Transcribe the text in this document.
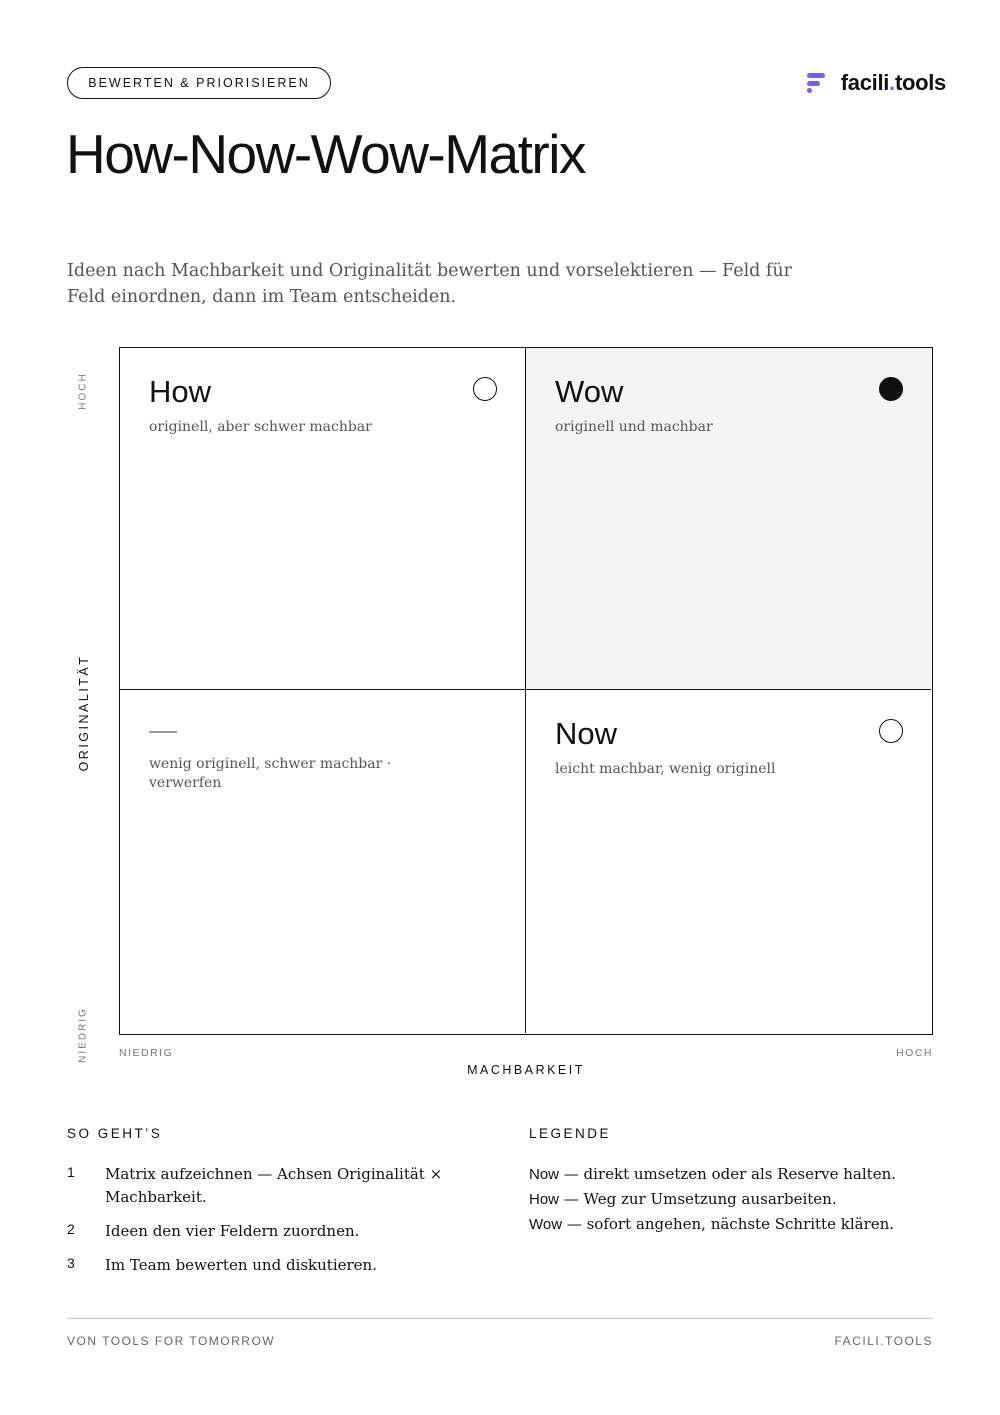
BEWERTEN & PRIORISIEREN	facili.tools
How-Now-Wow-Matrix

Ideen nach Machbarkeit und Originalität bewerten und vorselektieren — Feld für Feld einordnen, dann im Team entscheiden.

ORIGINALITÄT
HOCH
NIEDRIG
How
originell, aber schwer machbar
Wow
originell und machbar
wenig originell, schwer machbar · verwerfen
Now
leicht machbar, wenig originell
NIEDRIG	HOCH
MACHBARKEIT
SO GEHT’S
1	Matrix aufzeichnen — Achsen Originalität × Machbarkeit.
2	Ideen den vier Feldern zuordnen.
3	Im Team bewerten und diskutieren.
LEGENDE
Now — direkt umsetzen oder als Reserve halten.
How — Weg zur Umsetzung ausarbeiten.
Wow — sofort angehen, nächste Schritte klären.
VON TOOLS FOR TOMORROW	FACILI.TOOLS
